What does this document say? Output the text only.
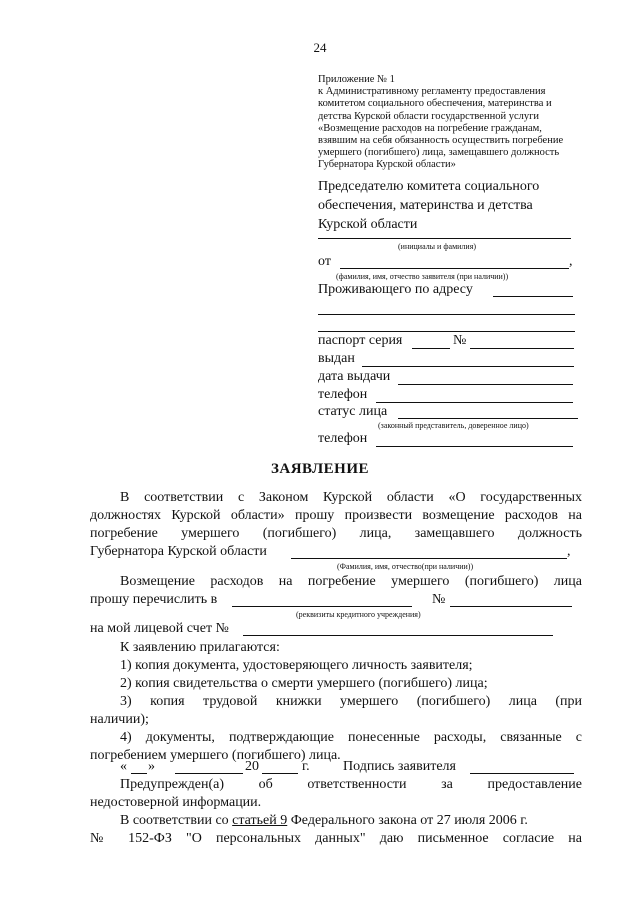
24
Приложение № 1
к Административному регламенту предоставления
комитетом социального обеспечения, материнства и
детства Курской области государственной услуги
«Возмещение расходов на погребение гражданам,
взявшим на себя обязанность осуществить погребение
умершего (погибшего) лица, замещавшего должность
Губернатора Курской области»
Председателю комитета социального
обеспечения, материнства и детства
Курской области
(инициалы и фамилия)
от	,
(фамилия, имя, отчество заявителя (при наличии))
Проживающего по адресу
паспорт серия	№
выдан
дата выдачи
телефон
статус лица
(законный представитель, доверенное лицо)
телефон
ЗАЯВЛЕНИЕ
В соответствии с Законом Курской области «О государственных
должностях Курской области» прошу произвести возмещение расходов на
погребение умершего (погибшего) лица, замещавшего должность
Губернатора Курской области	,
(Фамилия, имя, отчество(при наличии))
Возмещение расходов на погребение умершего (погибшего) лица
прошу перечислить в	№
(реквизиты кредитного учреждения)
на мой лицевой счет №
К заявлению прилагаются:
1) копия документа, удостоверяющего личность заявителя;
2) копия свидетельства о смерти умершего (погибшего) лица;
3) копия трудовой книжки умершего (погибшего) лица (при
наличии);
4) документы, подтверждающие понесенные расходы, связанные с
погребением умершего (погибшего) лица.
« »	20	г. Подпись заявителя
Предупрежден(а) об ответственности за предоставление
недостоверной информации.
В соответствии со статьей 9 Федерального закона от 27 июля 2006 г.
№ 152-ФЗ "О персональных данных" даю письменное согласие на
